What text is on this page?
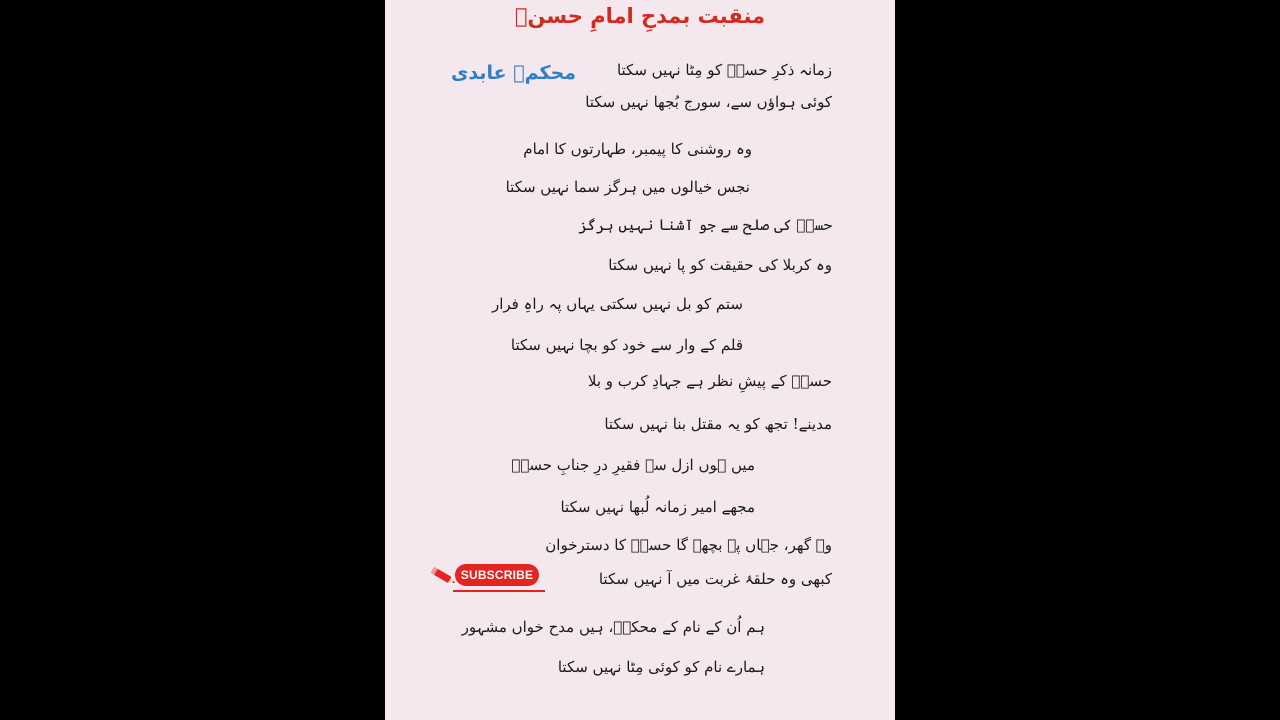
منقبت بمدحِ امامِ حسنؑ
محکمؔ عابدی	زمانہ ذکرِ حسنؑ کو مِٹا نہیں سکتا
کوئی ہواؤں سے، سورج بُجھا نہیں سکتا
وہ روشنی کا پیمبر، طہارتوں کا امام
نجس خیالوں میں ہرگز سما نہیں سکتا
حسنؑ کی صلح سے جو آشنا نہیں ہرگز
وہ کربلا کی حقیقت کو پا نہیں سکتا
ستم کو بل نہیں سکتی یہاں پہ راہِ فرار
قلم کے وار سے خود کو بچا نہیں سکتا
حسنؑ کے پیشِ نظر ہے جہادِ کرب و بلا
مدینے! تجھ کو یہ مقتل بنا نہیں سکتا
میں ہوں ازل سے فقیرِ درِ جنابِ حسنؑ
مجھے امیر زمانہ لُبھا نہیں سکتا
وہ گھر، جہاں پہ بچھے گا حسنؑ کا دسترخوان
کبھی وہ حلقۂ غربت میں آ نہیں سکتا
ہم اُن کے نام کے محکمؔ، ہیں مدح خواں مشہور
ہمارے نام کو کوئی مِٹا نہیں سکتا
SUBSCRIBE
